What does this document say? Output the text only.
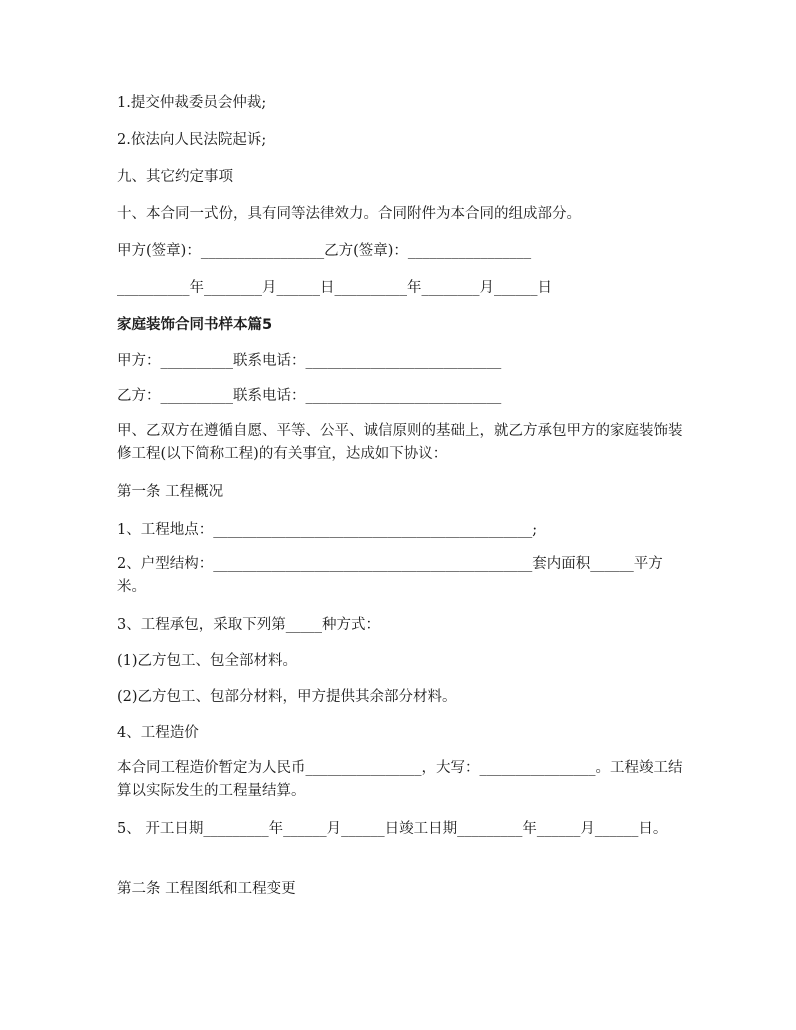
1.提交仲裁委员会仲裁;
2.依法向人民法院起诉;
九、其它约定事项
十、本合同一式份，具有同等法律效力。合同附件为本合同的组成部分。
甲方(签章)：_________________乙方(签章)：_________________
__________年________月______日__________年________月______日
家庭装饰合同书样本篇5
甲方：__________联系电话：___________________________
乙方：__________联系电话：___________________________
甲、乙双方在遵循自愿、平等、公平、诚信原则的基础上，就乙方承包甲方的家庭装饰装修工程(以下简称工程)的有关事宜，达成如下协议：
第一条 工程概况
1、工程地点：____________________________________________;
2、户型结构：____________________________________________套内面积______平方米。
3、工程承包，采取下列第_____种方式：
(1)乙方包工、包全部材料。
(2)乙方包工、包部分材料，甲方提供其余部分材料。
4、工程造价
本合同工程造价暂定为人民币________________，大写：________________。工程竣工结算以实际发生的工程量结算。
5、 开工日期_________年______月______日竣工日期_________年______月______日。
第二条 工程图纸和工程变更
